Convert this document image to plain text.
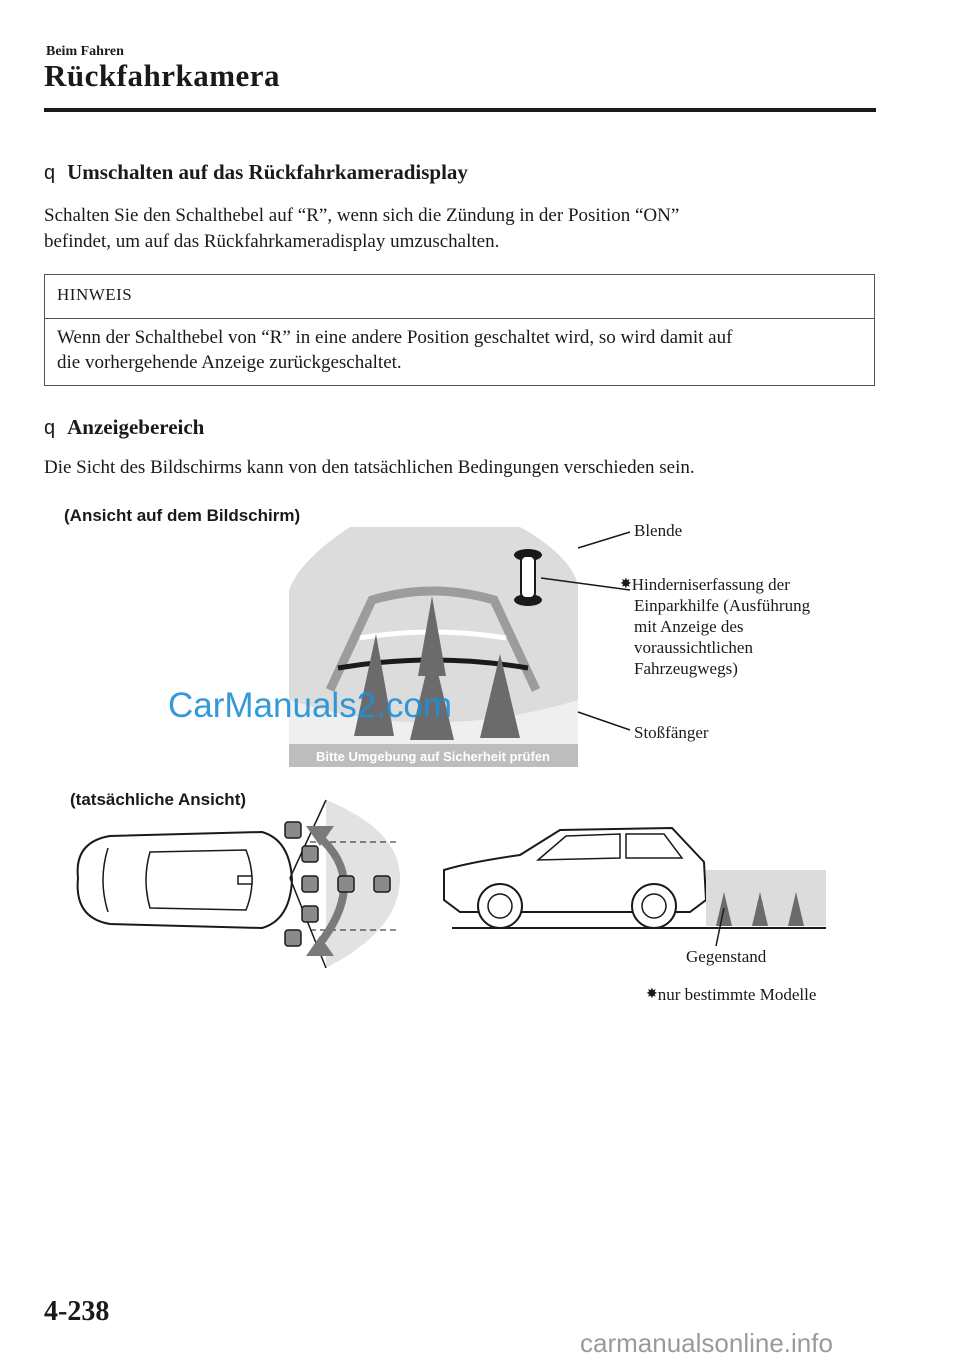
Beim Fahren
Rückfahrkamera
q Umschalten auf das Rückfahrkameradisplay
Schalten Sie den Schalthebel auf “R”, wenn sich die Zündung in der Position “ON”
befindet, um auf das Rückfahrkameradisplay umzuschalten.
HINWEIS
Wenn der Schalthebel von “R” in eine andere Position geschaltet wird, so wird damit auf
die vorhergehende Anzeige zurückgeschaltet.
q Anzeigebereich
Die Sicht des Bildschirms kann von den tatsächlichen Bedingungen verschieden sein.
(Ansicht auf dem Bildschirm)
Bitte Umgebung auf Sicherheit prüfen
CarManuals2.com
Blende
✸Hinderniserfassung der
Einparkhilfe (Ausführung
mit Anzeige des
voraussichtlichen
Fahrzeugwegs)
Stoßfänger
(tatsächliche Ansicht)
Gegenstand
✸nur bestimmte Modelle
4-238
carmanualsonline.info
